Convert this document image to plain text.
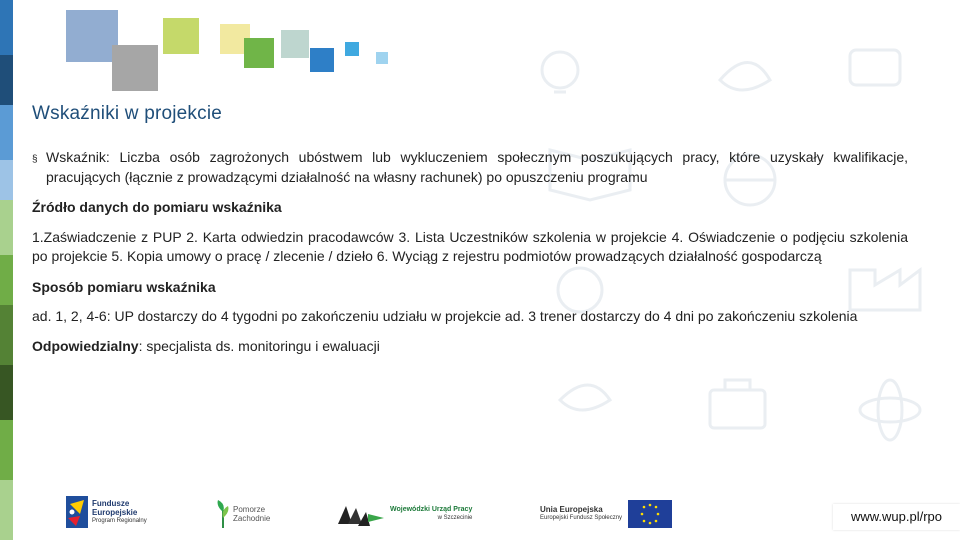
Wskaźniki w projekcie
§ Wskaźnik: Liczba osób zagrożonych ubóstwem lub wykluczeniem społecznym poszukujących pracy, które uzyskały kwalifikacje, pracujących (łącznie z prowadzącymi działalność na własny rachunek) po opuszczeniu programu
Źródło danych do pomiaru wskaźnika
1.Zaświadczenie z PUP 2. Karta odwiedzin pracodawców 3. Lista Uczestników szkolenia w projekcie 4. Oświadczenie o podjęciu szkolenia po projekcie 5. Kopia umowy o pracę / zlecenie / dzieło 6. Wyciąg z rejestru podmiotów prowadzących działalność gospodarczą
Sposób pomiaru wskaźnika
ad. 1, 2, 4-6: UP dostarczy do 4 tygodni po zakończeniu udziału w projekcie ad. 3 trener dostarczy do 4 dni po zakończeniu szkolenia
Odpowiedzialny: specjalista ds. monitoringu i ewaluacji
Fundusze
Europejskie
Program Regionalny
Pomorze
Zachodnie
Wojewódzki Urząd Pracy
w Szczecinie
Unia Europejska
Europejski Fundusz Społeczny	www.wup.pl/rpo
